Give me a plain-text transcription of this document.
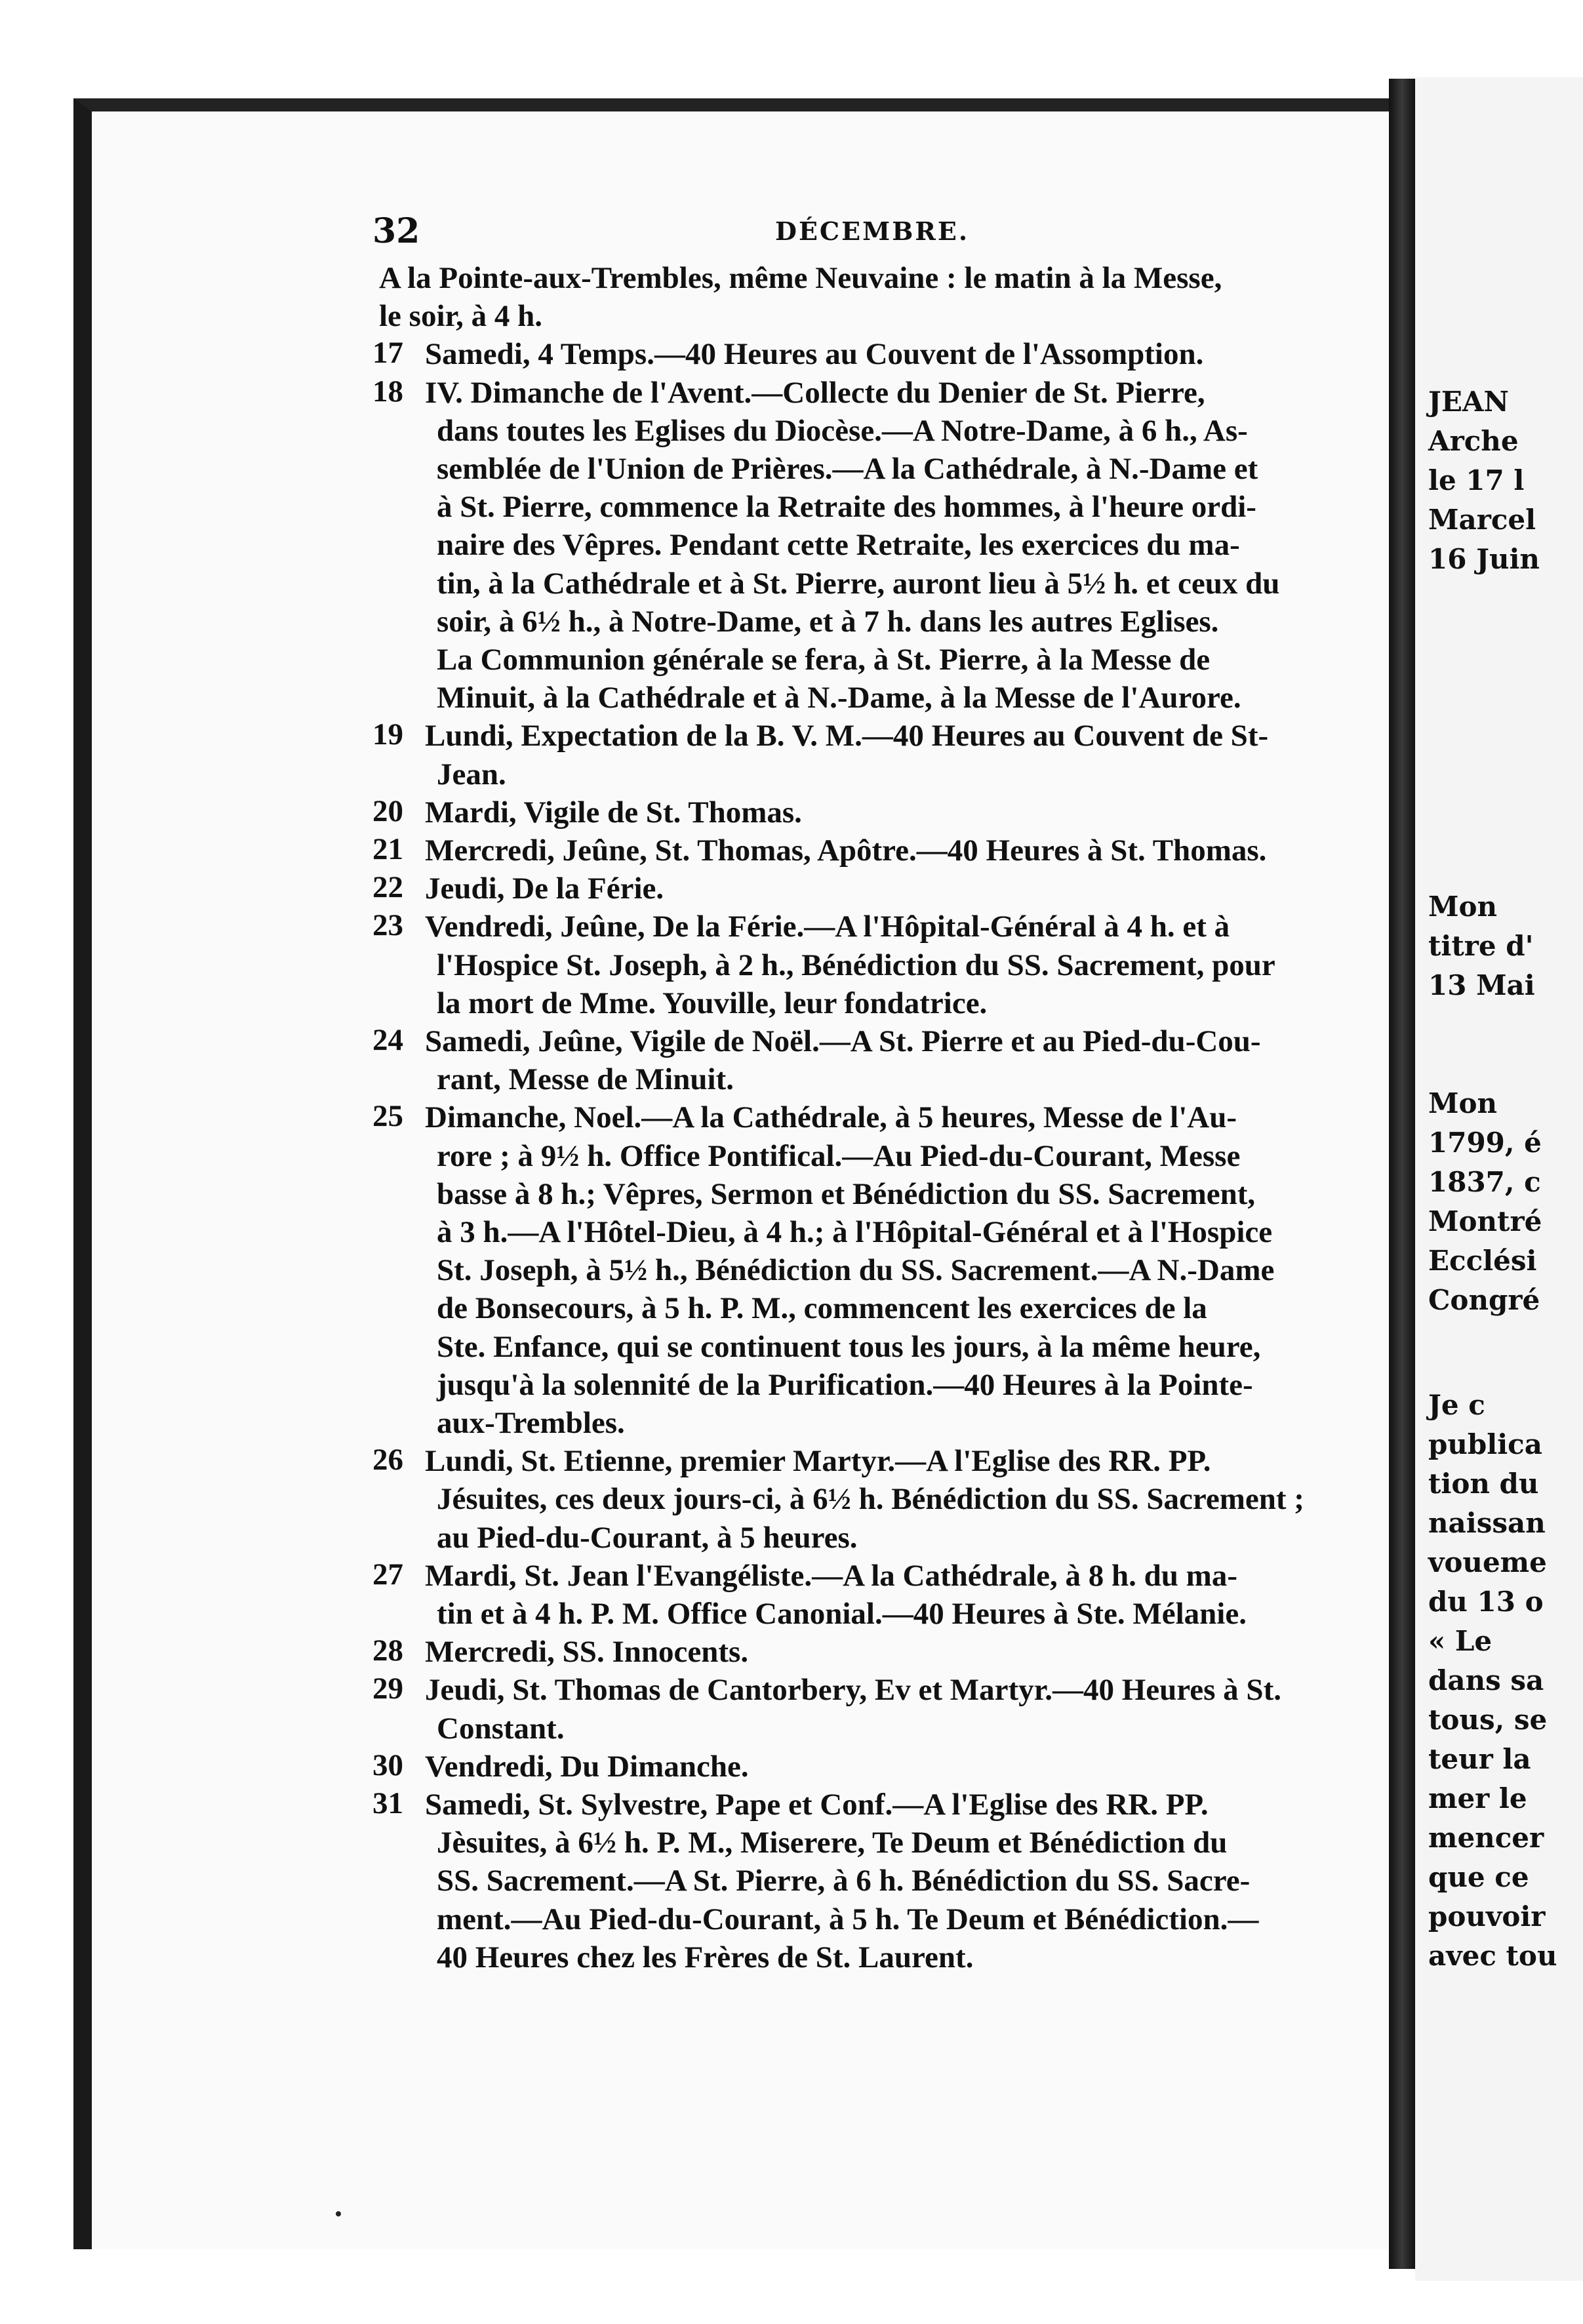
JEAN
Arche
le 17 l
Marcel
16 Juin
Mon
titre d'
13 Mai
Mon
1799, é
1837, c
Montré
Ecclési
Congré
Je c
publica
tion du
naissan
voueme
du 13 o
« Le
dans sa
tous, se
teur la
mer le
mencer
que ce
pouvoir
avec tou
32	DÉCEMBRE.
A la Pointe-aux-Trembles, même Neuvaine : le matin à la Messe,
le soir, à 4 h.
17 Samedi, 4 Temps.—40 Heures au Couvent de l'Assomption.
18 IV. Dimanche de l'Avent.—Collecte du Denier de St. Pierre,
dans toutes les Eglises du Diocèse.—A Notre-Dame, à 6 h., As-
semblée de l'Union de Prières.—A la Cathédrale, à N.-Dame et
à St. Pierre, commence la Retraite des hommes, à l'heure ordi-
naire des Vêpres. Pendant cette Retraite, les exercices du ma-
tin, à la Cathédrale et à St. Pierre, auront lieu à 5½ h. et ceux du
soir, à 6½ h., à Notre-Dame, et à 7 h. dans les autres Eglises.
La Communion générale se fera, à St. Pierre, à la Messe de
Minuit, à la Cathédrale et à N.-Dame, à la Messe de l'Aurore.
19 Lundi, Expectation de la B. V. M.—40 Heures au Couvent de St-
Jean.
20 Mardi, Vigile de St. Thomas.
21 Mercredi, Jeûne, St. Thomas, Apôtre.—40 Heures à St. Thomas.
22 Jeudi, De la Férie.
23 Vendredi, Jeûne, De la Férie.—A l'Hôpital-Général à 4 h. et à
l'Hospice St. Joseph, à 2 h., Bénédiction du SS. Sacrement, pour
la mort de Mme. Youville, leur fondatrice.
24 Samedi, Jeûne, Vigile de Noël.—A St. Pierre et au Pied-du-Cou-
rant, Messe de Minuit.
25 Dimanche, Noel.—A la Cathédrale, à 5 heures, Messe de l'Au-
rore ; à 9½ h. Office Pontifical.—Au Pied-du-Courant, Messe
basse à 8 h.; Vêpres, Sermon et Bénédiction du SS. Sacrement,
à 3 h.—A l'Hôtel-Dieu, à 4 h.; à l'Hôpital-Général et à l'Hospice
St. Joseph, à 5½ h., Bénédiction du SS. Sacrement.—A N.-Dame
de Bonsecours, à 5 h. P. M., commencent les exercices de la
Ste. Enfance, qui se continuent tous les jours, à la même heure,
jusqu'à la solennité de la Purification.—40 Heures à la Pointe-
aux-Trembles.
26 Lundi, St. Etienne, premier Martyr.—A l'Eglise des RR. PP.
Jésuites, ces deux jours-ci, à 6½ h. Bénédiction du SS. Sacrement ;
au Pied-du-Courant, à 5 heures.
27 Mardi, St. Jean l'Evangéliste.—A la Cathédrale, à 8 h. du ma-
tin et à 4 h. P. M. Office Canonial.—40 Heures à Ste. Mélanie.
28 Mercredi, SS. Innocents.
29 Jeudi, St. Thomas de Cantorbery, Ev et Martyr.—40 Heures à St.
Constant.
30 Vendredi, Du Dimanche.
31 Samedi, St. Sylvestre, Pape et Conf.—A l'Eglise des RR. PP.
Jèsuites, à 6½ h. P. M., Miserere, Te Deum et Bénédiction du
SS. Sacrement.—A St. Pierre, à 6 h. Bénédiction du SS. Sacre-
ment.—Au Pied-du-Courant, à 5 h. Te Deum et Bénédiction.—
40 Heures chez les Frères de St. Laurent.
